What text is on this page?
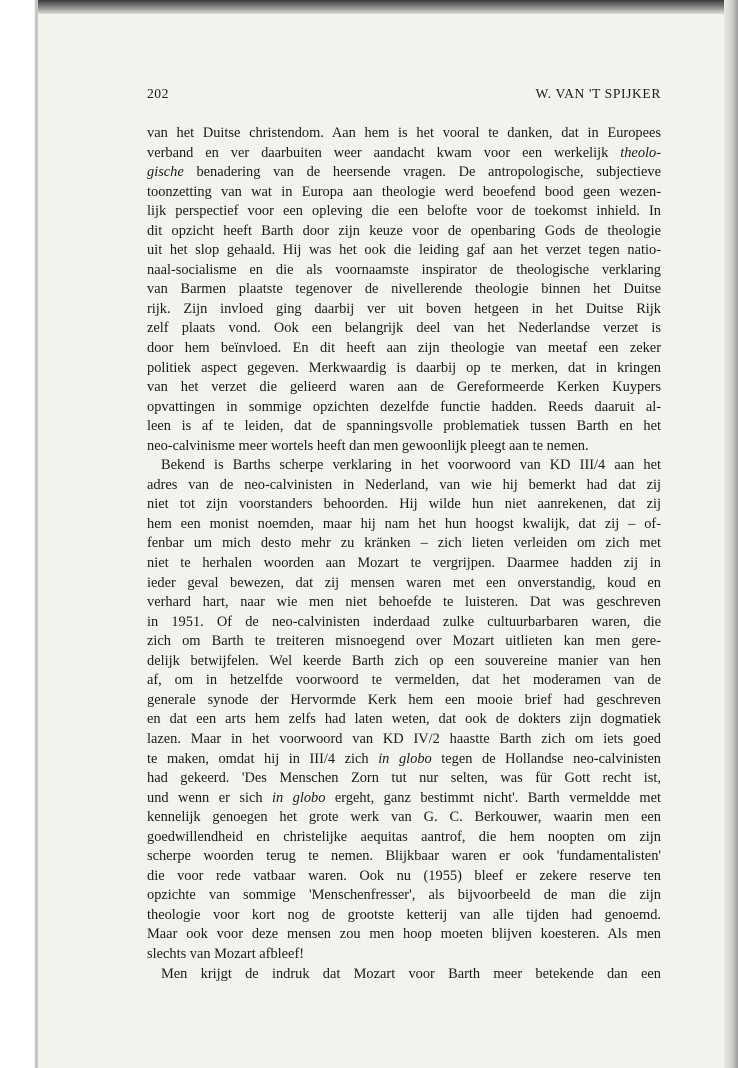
202	W. VAN 'T SPIJKER
van het Duitse christendom. Aan hem is het vooral te danken, dat in Europees
verband en ver daarbuiten weer aandacht kwam voor een werkelijk theolo-
gische benadering van de heersende vragen. De antropologische, subjectieve
toonzetting van wat in Europa aan theologie werd beoefend bood geen wezen-
lijk perspectief voor een opleving die een belofte voor de toekomst inhield. In
dit opzicht heeft Barth door zijn keuze voor de openbaring Gods de theologie
uit het slop gehaald. Hij was het ook die leiding gaf aan het verzet tegen natio-
naal-socialisme en die als voornaamste inspirator de theologische verklaring
van Barmen plaatste tegenover de nivellerende theologie binnen het Duitse
rijk. Zijn invloed ging daarbij ver uit boven hetgeen in het Duitse Rijk
zelf plaats vond. Ook een belangrijk deel van het Nederlandse verzet is
door hem beïnvloed. En dit heeft aan zijn theologie van meetaf een zeker
politiek aspect gegeven. Merkwaardig is daarbij op te merken, dat in kringen
van het verzet die gelieerd waren aan de Gereformeerde Kerken Kuypers
opvattingen in sommige opzichten dezelfde functie hadden. Reeds daaruit al-
leen is af te leiden, dat de spanningsvolle problematiek tussen Barth en het
neo-calvinisme meer wortels heeft dan men gewoonlijk pleegt aan te nemen.
Bekend is Barths scherpe verklaring in het voorwoord van KD III/4 aan het
adres van de neo-calvinisten in Nederland, van wie hij bemerkt had dat zij
niet tot zijn voorstanders behoorden. Hij wilde hun niet aanrekenen, dat zij
hem een monist noemden, maar hij nam het hun hoogst kwalijk, dat zij – of-
fenbar um mich desto mehr zu kränken – zich lieten verleiden om zich met
niet te herhalen woorden aan Mozart te vergrijpen. Daarmee hadden zij in
ieder geval bewezen, dat zij mensen waren met een onverstandig, koud en
verhard hart, naar wie men niet behoefde te luisteren. Dat was geschreven
in 1951. Of de neo-calvinisten inderdaad zulke cultuurbarbaren waren, die
zich om Barth te treiteren misnoegend over Mozart uitlieten kan men gere-
delijk betwijfelen. Wel keerde Barth zich op een souvereine manier van hen
af, om in hetzelfde voorwoord te vermelden, dat het moderamen van de
generale synode der Hervormde Kerk hem een mooie brief had geschreven
en dat een arts hem zelfs had laten weten, dat ook de dokters zijn dogmatiek
lazen. Maar in het voorwoord van KD IV/2 haastte Barth zich om iets goed
te maken, omdat hij in III/4 zich in globo tegen de Hollandse neo-calvinisten
had gekeerd. 'Des Menschen Zorn tut nur selten, was für Gott recht ist,
und wenn er sich in globo ergeht, ganz bestimmt nicht'. Barth vermeldde met
kennelijk genoegen het grote werk van G. C. Berkouwer, waarin men een
goedwillendheid en christelijke aequitas aantrof, die hem noopten om zijn
scherpe woorden terug te nemen. Blijkbaar waren er ook 'fundamentalisten'
die voor rede vatbaar waren. Ook nu (1955) bleef er zekere reserve ten
opzichte van sommige 'Menschenfresser', als bijvoorbeeld de man die zijn
theologie voor kort nog de grootste ketterij van alle tijden had genoemd.
Maar ook voor deze mensen zou men hoop moeten blijven koesteren. Als men
slechts van Mozart afbleef!
Men krijgt de indruk dat Mozart voor Barth meer betekende dan een
